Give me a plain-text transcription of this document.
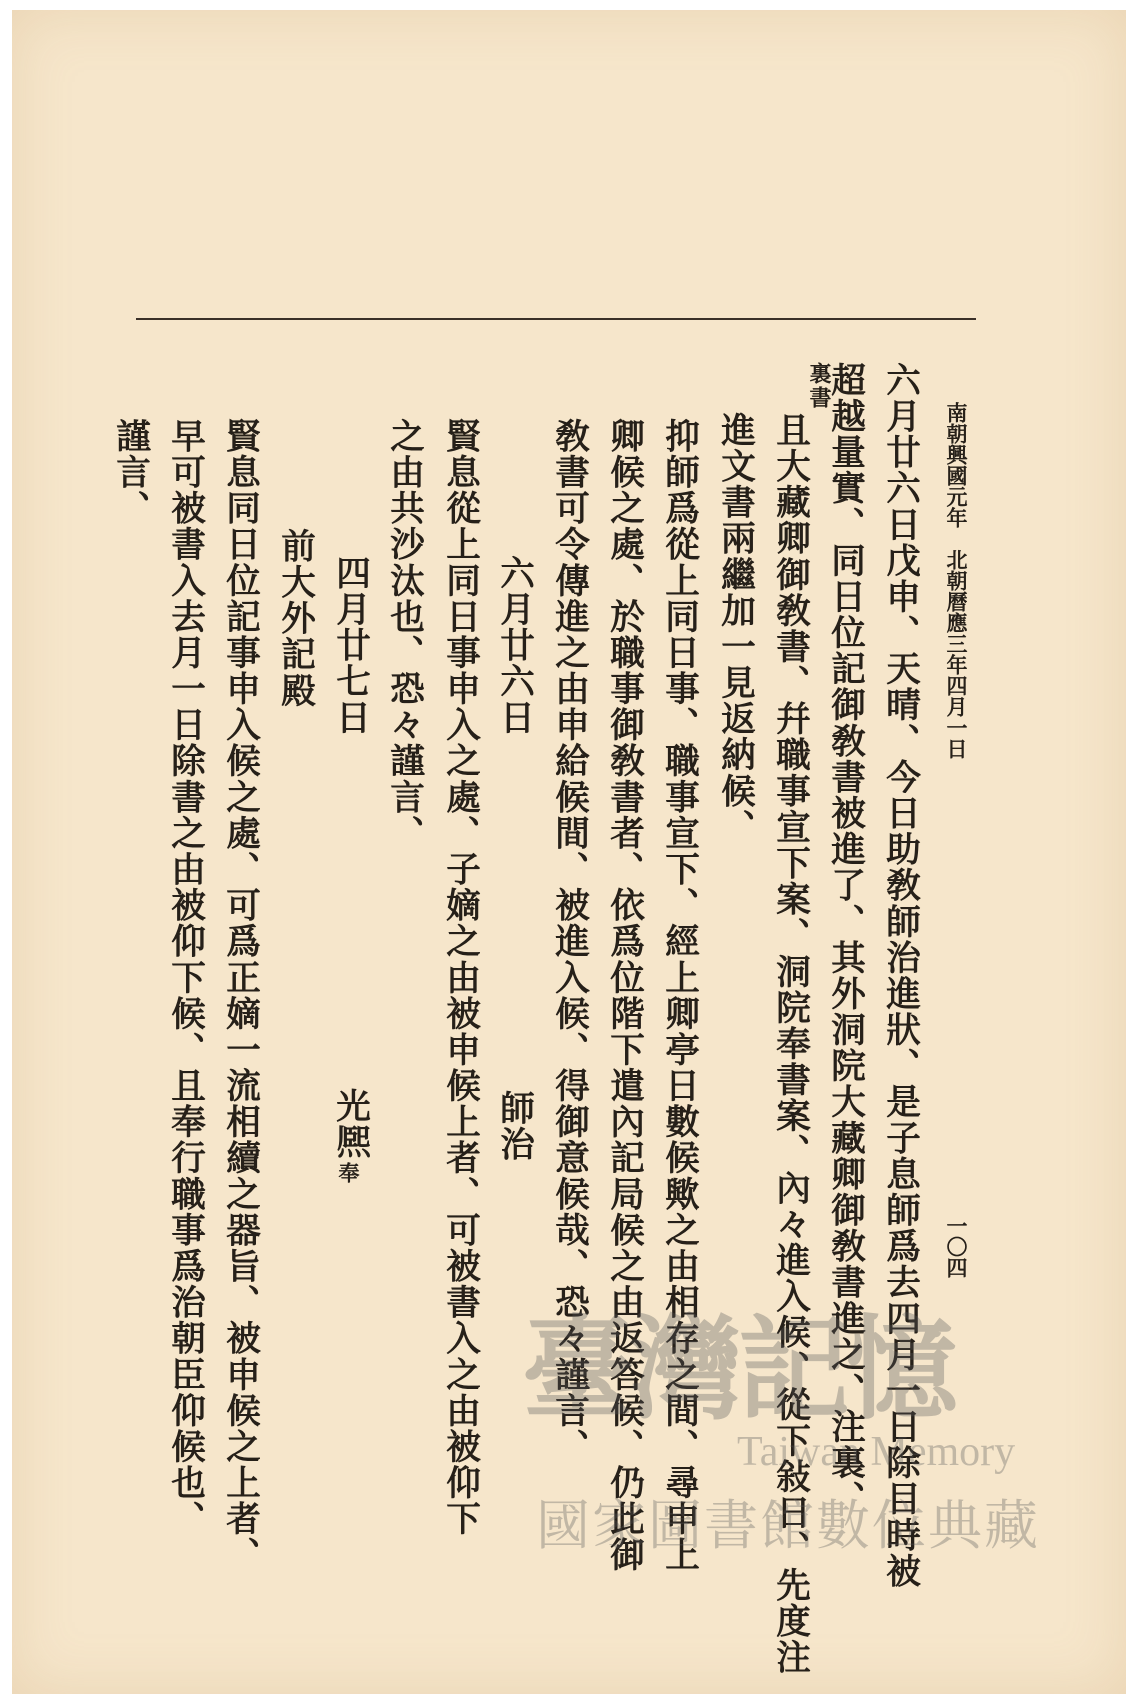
南朝興國元年　北朝曆應三年四月一日
一〇四
六月廿六日戊申、天晴、今日助敎師治進狀、是子息師爲去四月一日除目時被
超越量實、同日位記御敎書被進了、其外洞院大藏卿御敎書進之、注裏、
裏書
且大藏卿御敎書、幷職事宣下案、洞院奉書案、內々進入候、從下敍日、先度注
進文書兩繼加一見返納候、
抑師爲從上同日事、職事宣下、經上卿亭日數候歟之由相存之間、尋申上
卿候之處、於職事御敎書者、依爲位階下遣內記局候之由返答候、仍此御
敎書可令傳進之由申給候間、被進入候、得御意候哉、恐々謹言、
六月廿六日
師治
賢息從上同日事申入之處、子嫡之由被申候上者、可被書入之由被仰下
之由共沙汰也、恐々謹言、
四月廿七日
光熈
奉
前大外記殿
賢息同日位記事申入候之處、可爲正嫡一流相續之器旨、被申候之上者、
早可被書入去月一日除書之由被仰下候、且奉行職事爲治朝臣仰候也、
謹言、
臺灣記憶
Taiwan Memory
國家圖書館數位典藏
